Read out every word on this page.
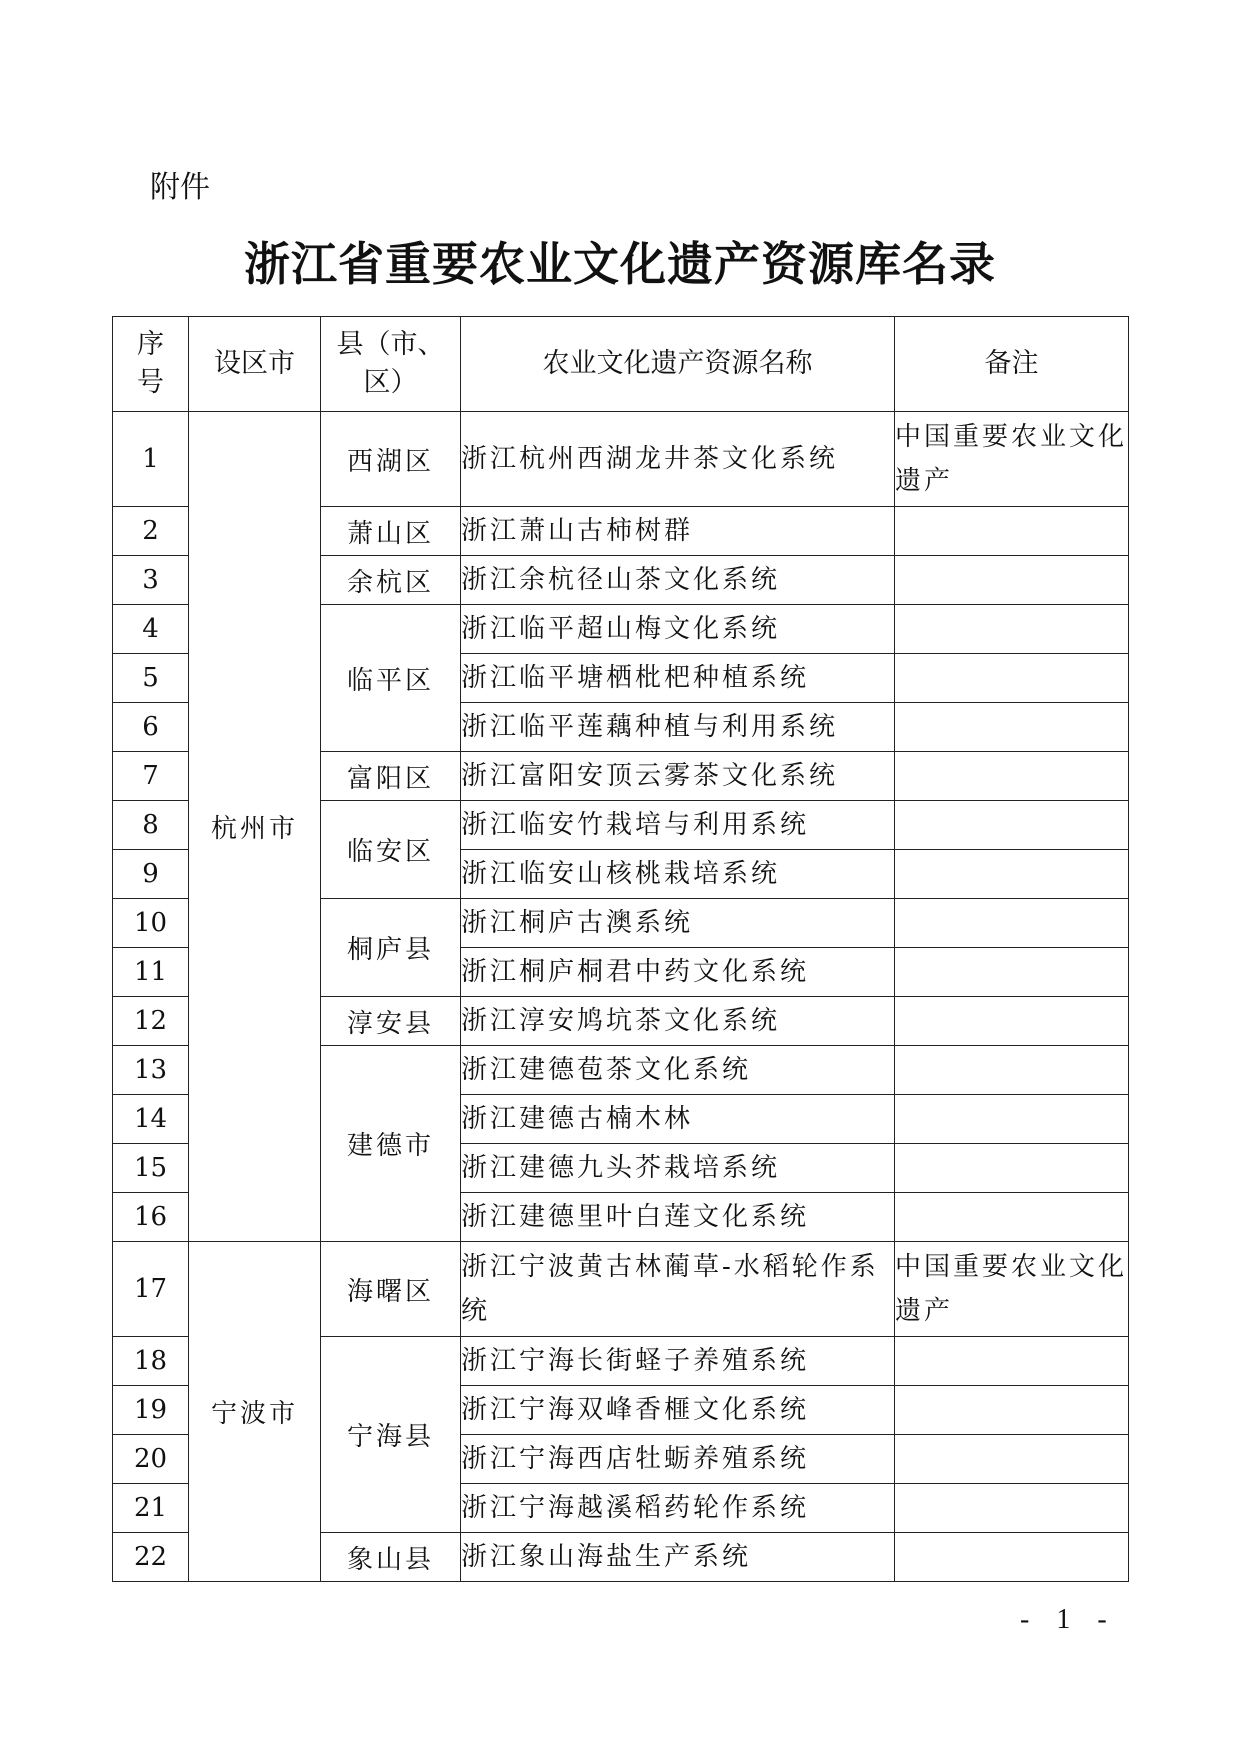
附件
浙江省重要农业文化遗产资源库名录
序号	设区市	县（市、区）	农业文化遗产资源名称	备注
1	杭州市	西湖区	浙江杭州西湖龙井茶文化系统	中国重要农业文化遗产
2		萧山区	浙江萧山古柿树群	
3		余杭区	浙江余杭径山茶文化系统	
4		临平区	浙江临平超山梅文化系统	
5			浙江临平塘栖枇杷种植系统	
6			浙江临平莲藕种植与利用系统	
7		富阳区	浙江富阳安顶云雾茶文化系统	
8		临安区	浙江临安竹栽培与利用系统	
9			浙江临安山核桃栽培系统	
10		桐庐县	浙江桐庐古澳系统	
11			浙江桐庐桐君中药文化系统	
12		淳安县	浙江淳安鸠坑茶文化系统	
13		建德市	浙江建德苞茶文化系统	
14			浙江建德古楠木林	
15			浙江建德九头芥栽培系统	
16			浙江建德里叶白莲文化系统	
17	宁波市	海曙区	浙江宁波黄古林蔺草-水稻轮作系统	中国重要农业文化遗产
18		宁海县	浙江宁海长街蛏子养殖系统	
19			浙江宁海双峰香榧文化系统	
20			浙江宁海西店牡蛎养殖系统	
21			浙江宁海越溪稻药轮作系统	
22		象山县	浙江象山海盐生产系统	
- 1 -
